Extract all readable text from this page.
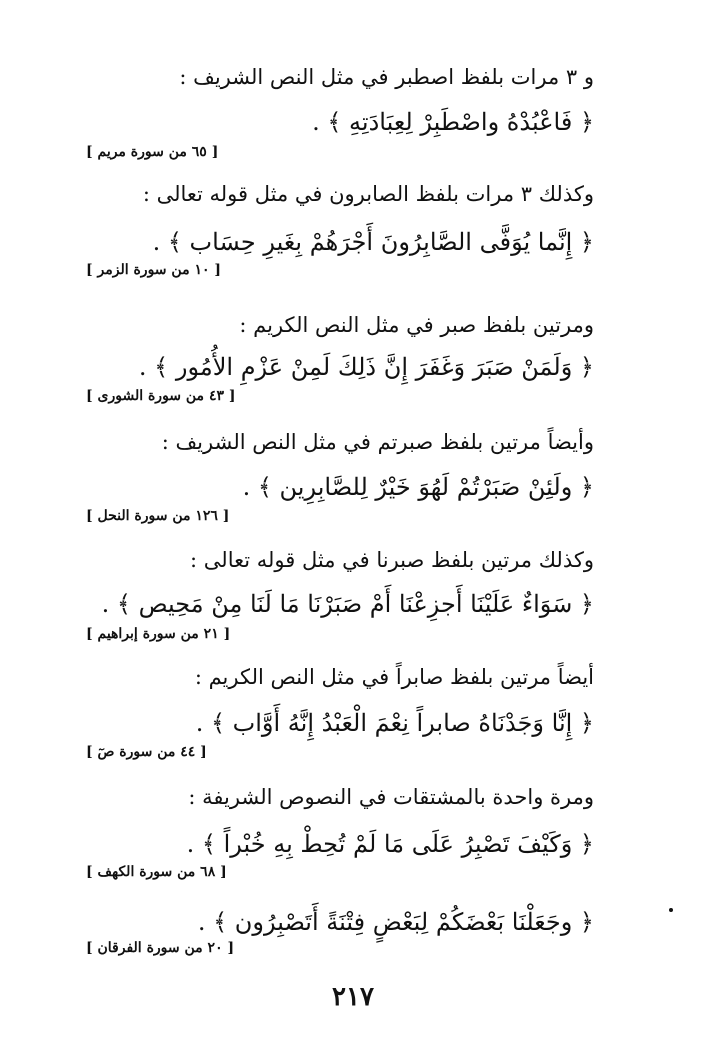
و ٣ مرات بلفظ اصطبر في مثل النص الشريف :
﴿ فَاعْبُدْهُ واصْطَبِرْ لِعِبَادَتِهِ ﴾ .
[ ٦٥ من سورة مريم ]
وكذلك ٣ مرات بلفظ الصابرون في مثل قوله تعالى :
﴿ إِنَّما يُوَفَّى الصَّابِرُونَ أَجْرَهُمْ بِغَيرِ حِسَاب ﴾ .
[ ١٠ من سورة الزمر ]
ومرتين بلفظ صبر في مثل النص الكريم :
﴿ وَلَمَنْ صَبَرَ وَغَفَرَ إِنَّ ذَلِكَ لَمِنْ عَزْمِ الأُمُور ﴾ .
[ ٤٣ من سورة الشورى ]
وأيضاً مرتين بلفظ صبرتم في مثل النص الشريف :
﴿ ولَئِنْ صَبَرْتُمْ لَهُوَ خَيْرٌ لِلصَّابِرِين ﴾ .
[ ١٢٦ من سورة النحل ]
وكذلك مرتين بلفظ صبرنا في مثل قوله تعالى :
﴿ سَوَاءٌ عَلَيْنَا أَجزِعْنَا أَمْ صَبَرْنَا مَا لَنَا مِنْ مَحِيص ﴾ .
[ ٢١ من سورة إبراهيم ]
أيضاً مرتين بلفظ صابراً في مثل النص الكريم :
﴿ إِنَّا وَجَدْنَاهُ صابراً نِعْمَ الْعَبْدُ إِنَّهُ أَوَّاب ﴾ .
[ ٤٤ من سورة صٓ ]
ومرة واحدة بالمشتقات في النصوص الشريفة :
﴿ وَكَيْفَ تَصْبِرُ عَلَى مَا لَمْ تُحِطْ بِهِ خُبْراً ﴾ .
[ ٦٨ من سورة الكهف ]
﴿ وجَعَلْنَا بَعْضَكُمْ لِبَعْضٍ فِتْنَةً أَتَصْبِرُون ﴾ .
[ ٢٠ من سورة الفرقان ]
٢١٧
